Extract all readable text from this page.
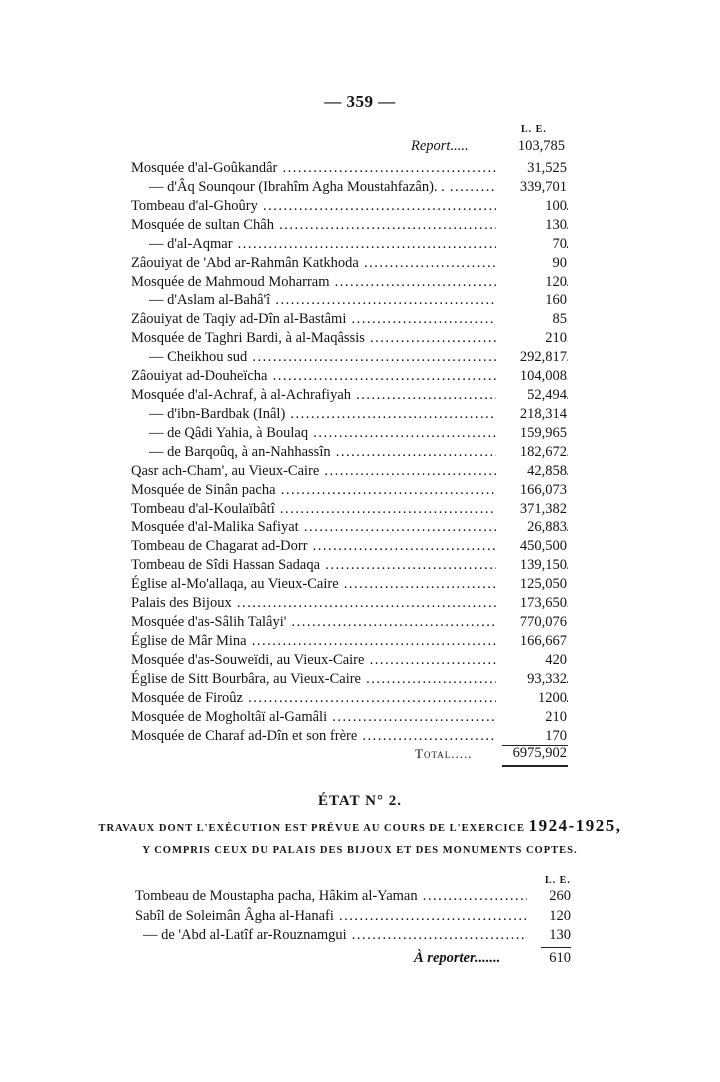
— 359 —
L. E.
Report.....	103,785
Mosquée d'al-Goûkandâr .....	31,525
— d'Âq Sounqour (Ibrahîm Agha Moustahfazân). . .....	339,701
Tombeau d'al-Ghoûry .....	100
Mosquée de sultan Châh .....	130
— d'al-Aqmar .....	70
Zâouiyat de 'Abd ar-Rahmân Katkhoda .....	90
Mosquée de Mahmoud Moharram .....	120
— d'Aslam al-Bahâ'î .....	160
Zâouiyat de Taqiy ad-Dîn al-Bastâmi .....	85
Mosquée de Taghri Bardi, à al-Maqâssis .....	210
— Cheikhou sud .....	292,817
Zâouiyat ad-Douheïcha .....	104,008
Mosquée d'al-Achraf, à al-Achrafiyah .....	52,494
— d'ibn-Bardbak (Inâl) .....	218,314
— de Qâdi Yahia, à Boulaq .....	159,965
— de Barqoûq, à an-Nahhassîn .....	182,672
Qasr ach-Cham', au Vieux-Caire .....	42,858
Mosquée de Sinân pacha .....	166,073
Tombeau d'al-Koulaïbâtî .....	371,382
Mosquée d'al-Malika Safiyat .....	26,883
Tombeau de Chagarat ad-Dorr .....	450,500
Tombeau de Sîdi Hassan Sadaqa .....	139,150
Église al-Mo'allaqa, au Vieux-Caire .....	125,050
Palais des Bijoux .....	173,650
Mosquée d'as-Sâlih Talâyi' .....	770,076
Église de Mâr Mina .....	166,667
Mosquée d'as-Souweïdi, au Vieux-Caire .....	420
Église de Sitt Bourbâra, au Vieux-Caire .....	93,332
Mosquée de Firoûz .....	1200
Mosquée de Mogholtâï al-Gamâli .....	210
Mosquée de Charaf ad-Dîn et son frère .....	170
Total.....	6975,902
ÉTAT N° 2.
TRAVAUX DONT L'EXÉCUTION EST PRÉVUE AU COURS DE L'EXERCICE 1924-1925,
Y COMPRIS CEUX DU PALAIS DES BIJOUX ET DES MONUMENTS COPTES.
L. E.
Tombeau de Moustapha pacha, Hâkim al-Yaman .....	260
Sabîl de Soleimân Âgha al-Hanafi .....	120
— de 'Abd al-Latîf ar-Rouznamgui .....	130
À reporter.......	610
